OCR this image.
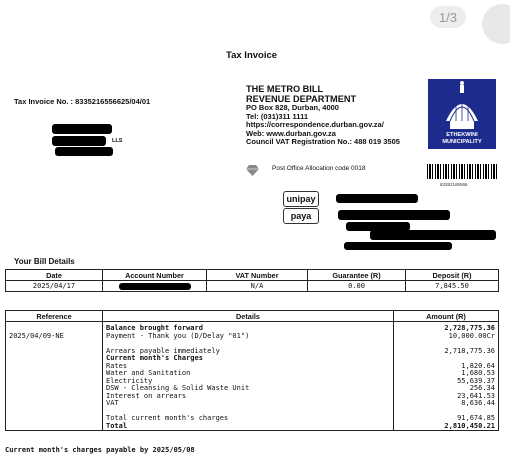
1/3
Tax Invoice
Tax Invoice No. : 8335216556625/04/01
LLS
THE METRO BILL
REVENUE DEPARTMENT
PO Box 828, Durban, 4000
Tel: (031)311 1111
https://correspondence.durban.gov.za/
Web: www.durban.gov.za
Council VAT Registration No.: 488 019 3505
ETHEKWINI
MUNICIPALITY
Post Office Allocation code 0018
83352165566
unipay
paya
Your Bill Details
Date	Account Number	VAT Number	Guarantee (R)	Deposit (R)
2025/04/17		N/A	0.00	7,845.50
Reference	Details	Amount (R)
	Balance brought forward	2,728,775.36
2025/04/09-NE	Payment - Thank you (D/Delay "01")	10,000.00Cr

	Arrears payable immediately	2,718,775.36
	Current month's Charges	
	Rates	1,820.64
	Water and Sanitation	1,680.53
	Electricity	55,639.37
	DSW - Cleansing & Solid Waste Unit	256.34
	Interest on arrears	23,641.53
	VAT	8,636.44

	Total current month's charges	91,674.85
	Total	2,810,450.21
Current month's charges payable by 2025/05/08
